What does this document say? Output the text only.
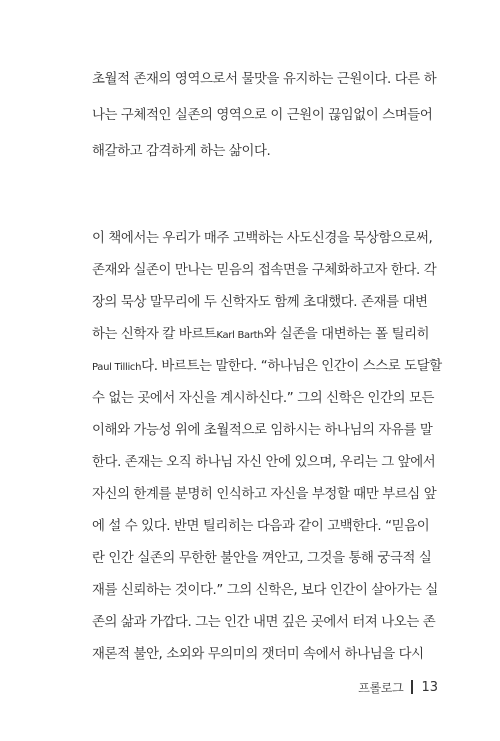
초월적 존재의 영역으로서 물맛을 유지하는 근원이다. 다른 하

나는 구체적인 실존의 영역으로 이 근원이 끊임없이 스며들어

해갈하고 감격하게 하는 삶이다.

이 책에서는 우리가 매주 고백하는 사도신경을 묵상함으로써,

존재와 실존이 만나는 믿음의 접속면을 구체화하고자 한다. 각

장의 묵상 말무리에 두 신학자도 함께 초대했다. 존재를 대변

하는 신학자 칼 바르트Karl Barth와 실존을 대변하는 폴 틸리히

Paul Tillich다. 바르트는 말한다. “하나님은 인간이 스스로 도달할

수 없는 곳에서 자신을 계시하신다.” 그의 신학은 인간의 모든

이해와 가능성 위에 초월적으로 임하시는 하나님의 자유를 말

한다. 존재는 오직 하나님 자신 안에 있으며, 우리는 그 앞에서

자신의 한계를 분명히 인식하고 자신을 부정할 때만 부르심 앞

에 설 수 있다. 반면 틸리히는 다음과 같이 고백한다. “믿음이

란 인간 실존의 무한한 불안을 껴안고, 그것을 통해 궁극적 실

재를 신뢰하는 것이다.” 그의 신학은, 보다 인간이 살아가는 실

존의 삶과 가깝다. 그는 인간 내면 깊은 곳에서 터져 나오는 존

재론적 불안, 소외와 무의미의 잿더미 속에서 하나님을 다시

프롤로그 13
